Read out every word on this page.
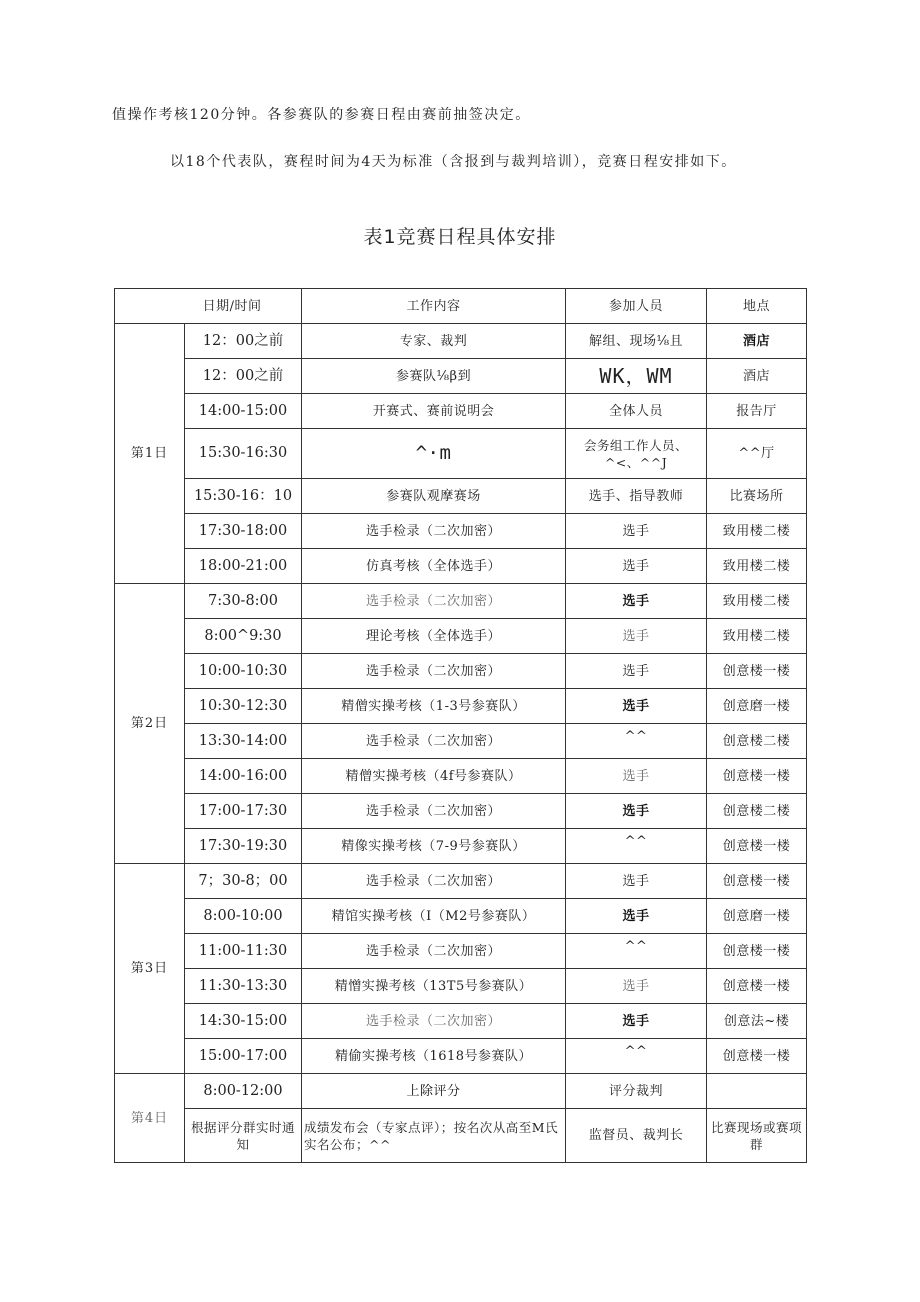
值操作考核120分钟。各参赛队的参赛日程由赛前抽签决定。
以18个代表队，赛程时间为4天为标准（含报到与裁判培训），竞赛日程安排如下。
表1竞赛日程具体安排
日期/时间		工作内容	参加人员	地点
第1日	12：00之前	专家、裁判	解组、现场⅛且	酒店
	12：00之前	参赛队⅛β到	WK，WM	酒店
	14:00-15:00	开赛式、赛前说明会	全体人员	报告厅
	15:30-16:30	^·m	会务组工作人员、^<、^^J	^^厅
	15:30-16：10	参赛队观摩赛场	选手、指导教师	比赛场所
	17:30-18:00	选手检录（二次加密）	选手	致用楼二楼
	18:00-21:00	仿真考核（全体选手）	选手	致用楼二楼
第2日	7:30-8:00	选手检录（二次加密）	选手	致用楼二楼
	8:00^9:30	理论考核（全体选手）	选手	致用楼二楼
	10:00-10:30	选手检录（二次加密）	选手	创意楼一楼
	10:30-12:30	精僧实操考核（1-3号参赛队）	选手	创意磨一楼
	13:30-14:00	选手检录（二次加密）	^^	创意楼二楼
	14:00-16:00	精僧实操考核（4f号参赛队）	选手	创意楼一楼
	17:00-17:30	选手检录（二次加密）	选手	创意楼二楼
	17:30-19:30	精像实操考核（7-9号参赛队）	^^	创意楼一楼
第3日	7；30-8；00	选手检录（二次加密）	选手	创意楼一楼
	8:00-10:00	精馆实操考核（I（M2号参赛队）	选手	创意磨一楼
	11:00-11:30	选手检录（二次加密）	^^	创意楼一楼
	11:30-13:30	精憎实操考核（13T5号参赛队）	选手	创意楼一楼
	14:30-15:00	选手检录（二次加密）	选手	创意法~楼
	15:00-17:00	精偷实操考核（1618号参赛队）	^^	创意楼一楼
第4日	8:00-12:00	上除评分	评分裁判	
	根据评分群实时通知	成绩发布会（专家点评）；按名次从高至M氏实名公布；^^	监督员、裁判长	比赛现场或赛项群
